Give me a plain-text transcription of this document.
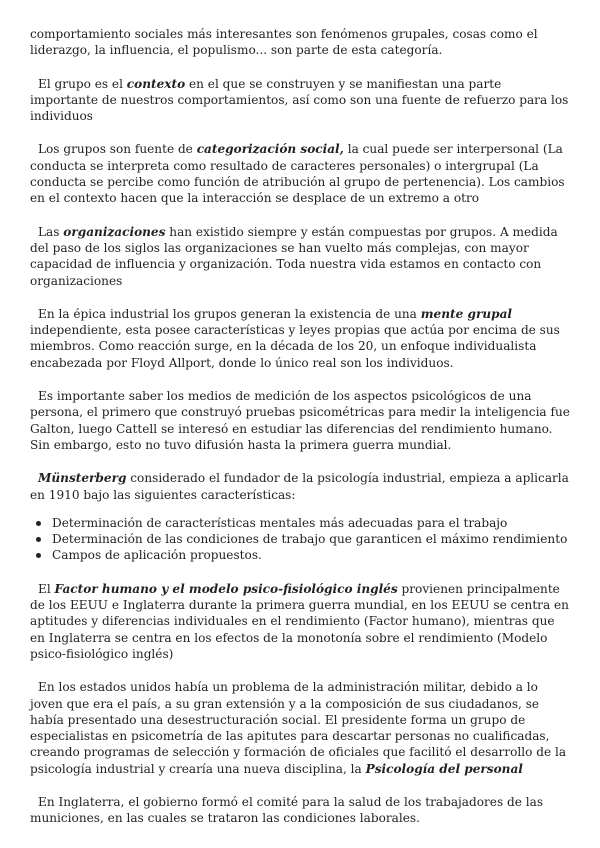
comportamiento sociales más interesantes son fenómenos grupales, cosas como el liderazgo, la influencia, el populismo... son parte de esta categoría.

El grupo es el contexto en el que se construyen y se manifiestan una parte importante de nuestros comportamientos, así como son una fuente de refuerzo para los individuos

Los grupos son fuente de categorización social, la cual puede ser interpersonal (La conducta se interpreta como resultado de caracteres personales) o intergrupal (La conducta se percibe como función de atribución al grupo de pertenencia). Los cambios en el contexto hacen que la interacción se desplace de un extremo a otro

Las organizaciones han existido siempre y están compuestas por grupos. A medida del paso de los siglos las organizaciones se han vuelto más complejas, con mayor capacidad de influencia y organización. Toda nuestra vida estamos en contacto con organizaciones

En la épica industrial los grupos generan la existencia de una mente grupal independiente, esta posee características y leyes propias que actúa por encima de sus miembros. Como reacción surge, en la década de los 20, un enfoque individualista encabezada por Floyd Allport, donde lo único real son los individuos.

Es importante saber los medios de medición de los aspectos psicológicos de una persona, el primero que construyó pruebas psicométricas para medir la inteligencia fue Galton, luego Cattell se interesó en estudiar las diferencias del rendimiento humano. Sin embargo, esto no tuvo difusión hasta la primera guerra mundial.

Münsterberg considerado el fundador de la psicología industrial, empieza a aplicarla en 1910 bajo las siguientes características:

Determinación de características mentales más adecuadas para el trabajo
Determinación de las condiciones de trabajo que garanticen el máximo rendimiento
Campos de aplicación propuestos.

El Factor humano y el modelo psico-fisiológico inglés provienen principalmente de los EEUU e Inglaterra durante la primera guerra mundial, en los EEUU se centra en aptitudes y diferencias individuales en el rendimiento (Factor humano), mientras que en Inglaterra se centra en los efectos de la monotonía sobre el rendimiento (Modelo psico-fisiológico inglés)

En los estados unidos había un problema de la administración militar, debido a lo joven que era el país, a su gran extensión y a la composición de sus ciudadanos, se había presentado una desestructuración social. El presidente forma un grupo de especialistas en psicometría de las apitutes para descartar personas no cualificadas, creando programas de selección y formación de oficiales que facilitó el desarrollo de la psicología industrial y crearía una nueva disciplina, la Psicología del personal

En Inglaterra, el gobierno formó el comité para la salud de los trabajadores de las municiones, en las cuales se trataron las condiciones laborales.
